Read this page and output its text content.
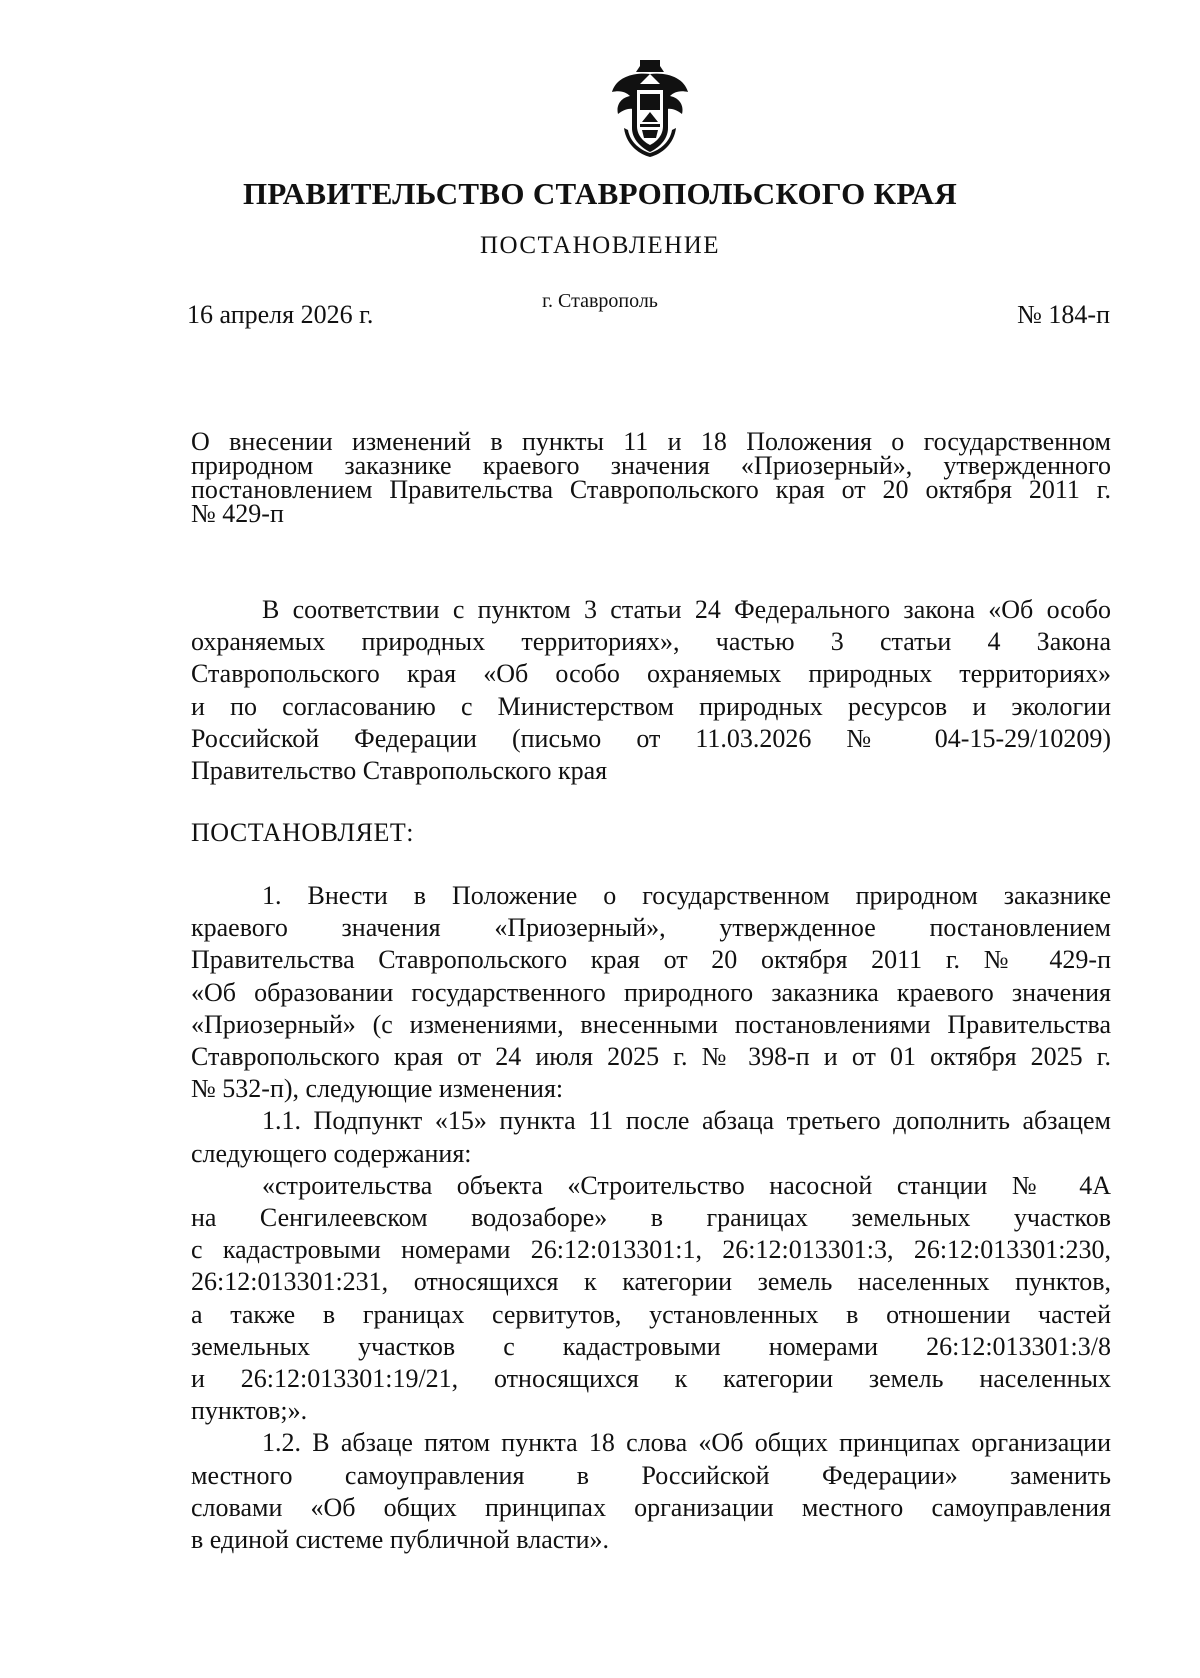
ПРАВИТЕЛЬСТВО СТАВРОПОЛЬСКОГО КРАЯ
ПОСТАНОВЛЕНИЕ
16 апреля 2026 г.	г. Ставрополь	№ 184-п
О внесении изменений в пункты 11 и 18 Положения о государственном
природном заказнике краевого значения «Приозерный», утвержденного
постановлением Правительства Ставропольского края от 20 октября 2011 г.
№ 429-п
В соответствии с пунктом 3 статьи 24 Федерального закона «Об особо
охраняемых природных территориях», частью 3 статьи 4 Закона
Ставропольского края «Об особо охраняемых природных территориях»
и по согласованию с Министерством природных ресурсов и экологии
Российской Федерации (письмо от 11.03.2026 № 04-15-29/10209)
Правительство Ставропольского края
ПОСТАНОВЛЯЕТ:
1. Внести в Положение о государственном природном заказнике
краевого значения «Приозерный», утвержденное постановлением
Правительства Ставропольского края от 20 октября 2011 г. № 429-п
«Об образовании государственного природного заказника краевого значения
«Приозерный» (с изменениями, внесенными постановлениями Правительства
Ставропольского края от 24 июля 2025 г. № 398-п и от 01 октября 2025 г.
№ 532-п), следующие изменения:
1.1. Подпункт «15» пункта 11 после абзаца третьего дополнить абзацем
следующего содержания:
«строительства объекта «Строительство насосной станции № 4А
на Сенгилеевском водозаборе» в границах земельных участков
с кадастровыми номерами 26:12:013301:1, 26:12:013301:3, 26:12:013301:230,
26:12:013301:231, относящихся к категории земель населенных пунктов,
а также в границах сервитутов, установленных в отношении частей
земельных участков с кадастровыми номерами 26:12:013301:3/8
и 26:12:013301:19/21, относящихся к категории земель населенных
пунктов;».
1.2. В абзаце пятом пункта 18 слова «Об общих принципах организации
местного самоуправления в Российской Федерации» заменить
словами «Об общих принципах организации местного самоуправления
в единой системе публичной власти».
